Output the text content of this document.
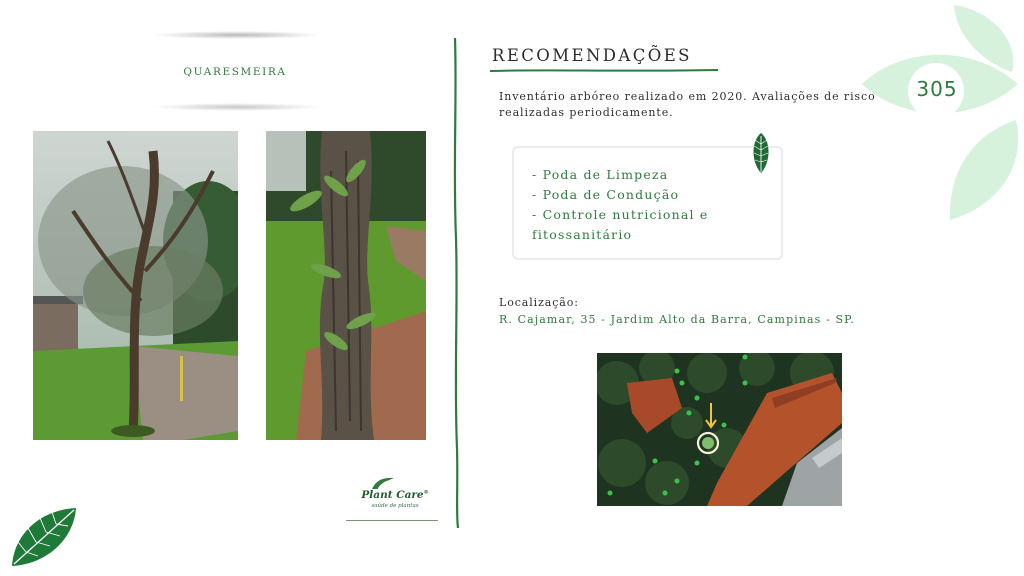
QUARESMEIRA
Plant Care®
saúde de plantas
RECOMENDAÇÕES
Inventário arbóreo realizado em 2020. Avaliações de risco realizadas periodicamente.
- Poda de Limpeza
- Poda de Condução
- Controle nutricional e fitossanitário
Localização:
R. Cajamar, 35 - Jardim Alto da Barra, Campinas - SP.
305
